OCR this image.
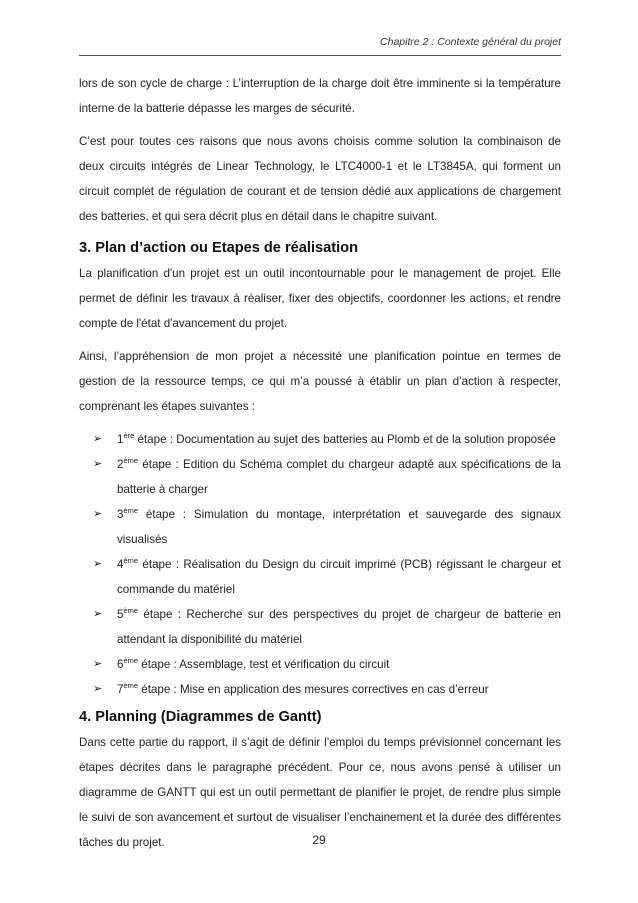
Chapitre 2 : Contexte général du projet

lors de son cycle de charge : L’interruption de la charge doit être imminente si la température interne de la batterie dépasse les marges de sécurité.

C’est pour toutes ces raisons que nous avons choisis comme solution la combinaison de deux circuits intégrés de Linear Technology, le LTC4000-1 et le LT3845A, qui forment un circuit complet de régulation de courant et de tension dédié aux applications de chargement des batteries, et qui sera décrit plus en détail dans le chapitre suivant.

3. Plan d’action ou Etapes de réalisation

La planification d'un projet est un outil incontournable pour le management de projet. Elle permet de définir les travaux à réaliser, fixer des objectifs, coordonner les actions, et rendre compte de l'état d'avancement du projet.

Ainsi, l’appréhension de mon projet a nécessité une planification pointue en termes de gestion de la ressource temps, ce qui m’a poussé à établir un plan d’action à respecter, comprenant les étapes suivantes :

➢ 1ère étape : Documentation au sujet des batteries au Plomb et de la solution proposée
➢ 2ème étape : Edition du Schéma complet du chargeur adapté aux spécifications de la batterie à charger
➢ 3ème étape : Simulation du montage, interprétation et sauvegarde des signaux visualisés
➢ 4ème étape : Réalisation du Design du circuit imprimé (PCB) régissant le chargeur et commande du matériel
➢ 5ème étape : Recherche sur des perspectives du projet de chargeur de batterie en attendant la disponibilité du matériel
➢ 6ème étape : Assemblage, test et vérification du circuit
➢ 7ème étape : Mise en application des mesures correctives en cas d’erreur
4. Planning (Diagrammes de Gantt)

Dans cette partie du rapport, il s’agit de définir l’emploi du temps prévisionnel concernant les étapes décrites dans le paragraphe précédent. Pour ce, nous avons pensé à utiliser un diagramme de GANTT qui est un outil permettant de planifier le projet, de rendre plus simple le suivi de son avancement et surtout de visualiser l’enchainement et la durée des différentes tâches du projet.	29
